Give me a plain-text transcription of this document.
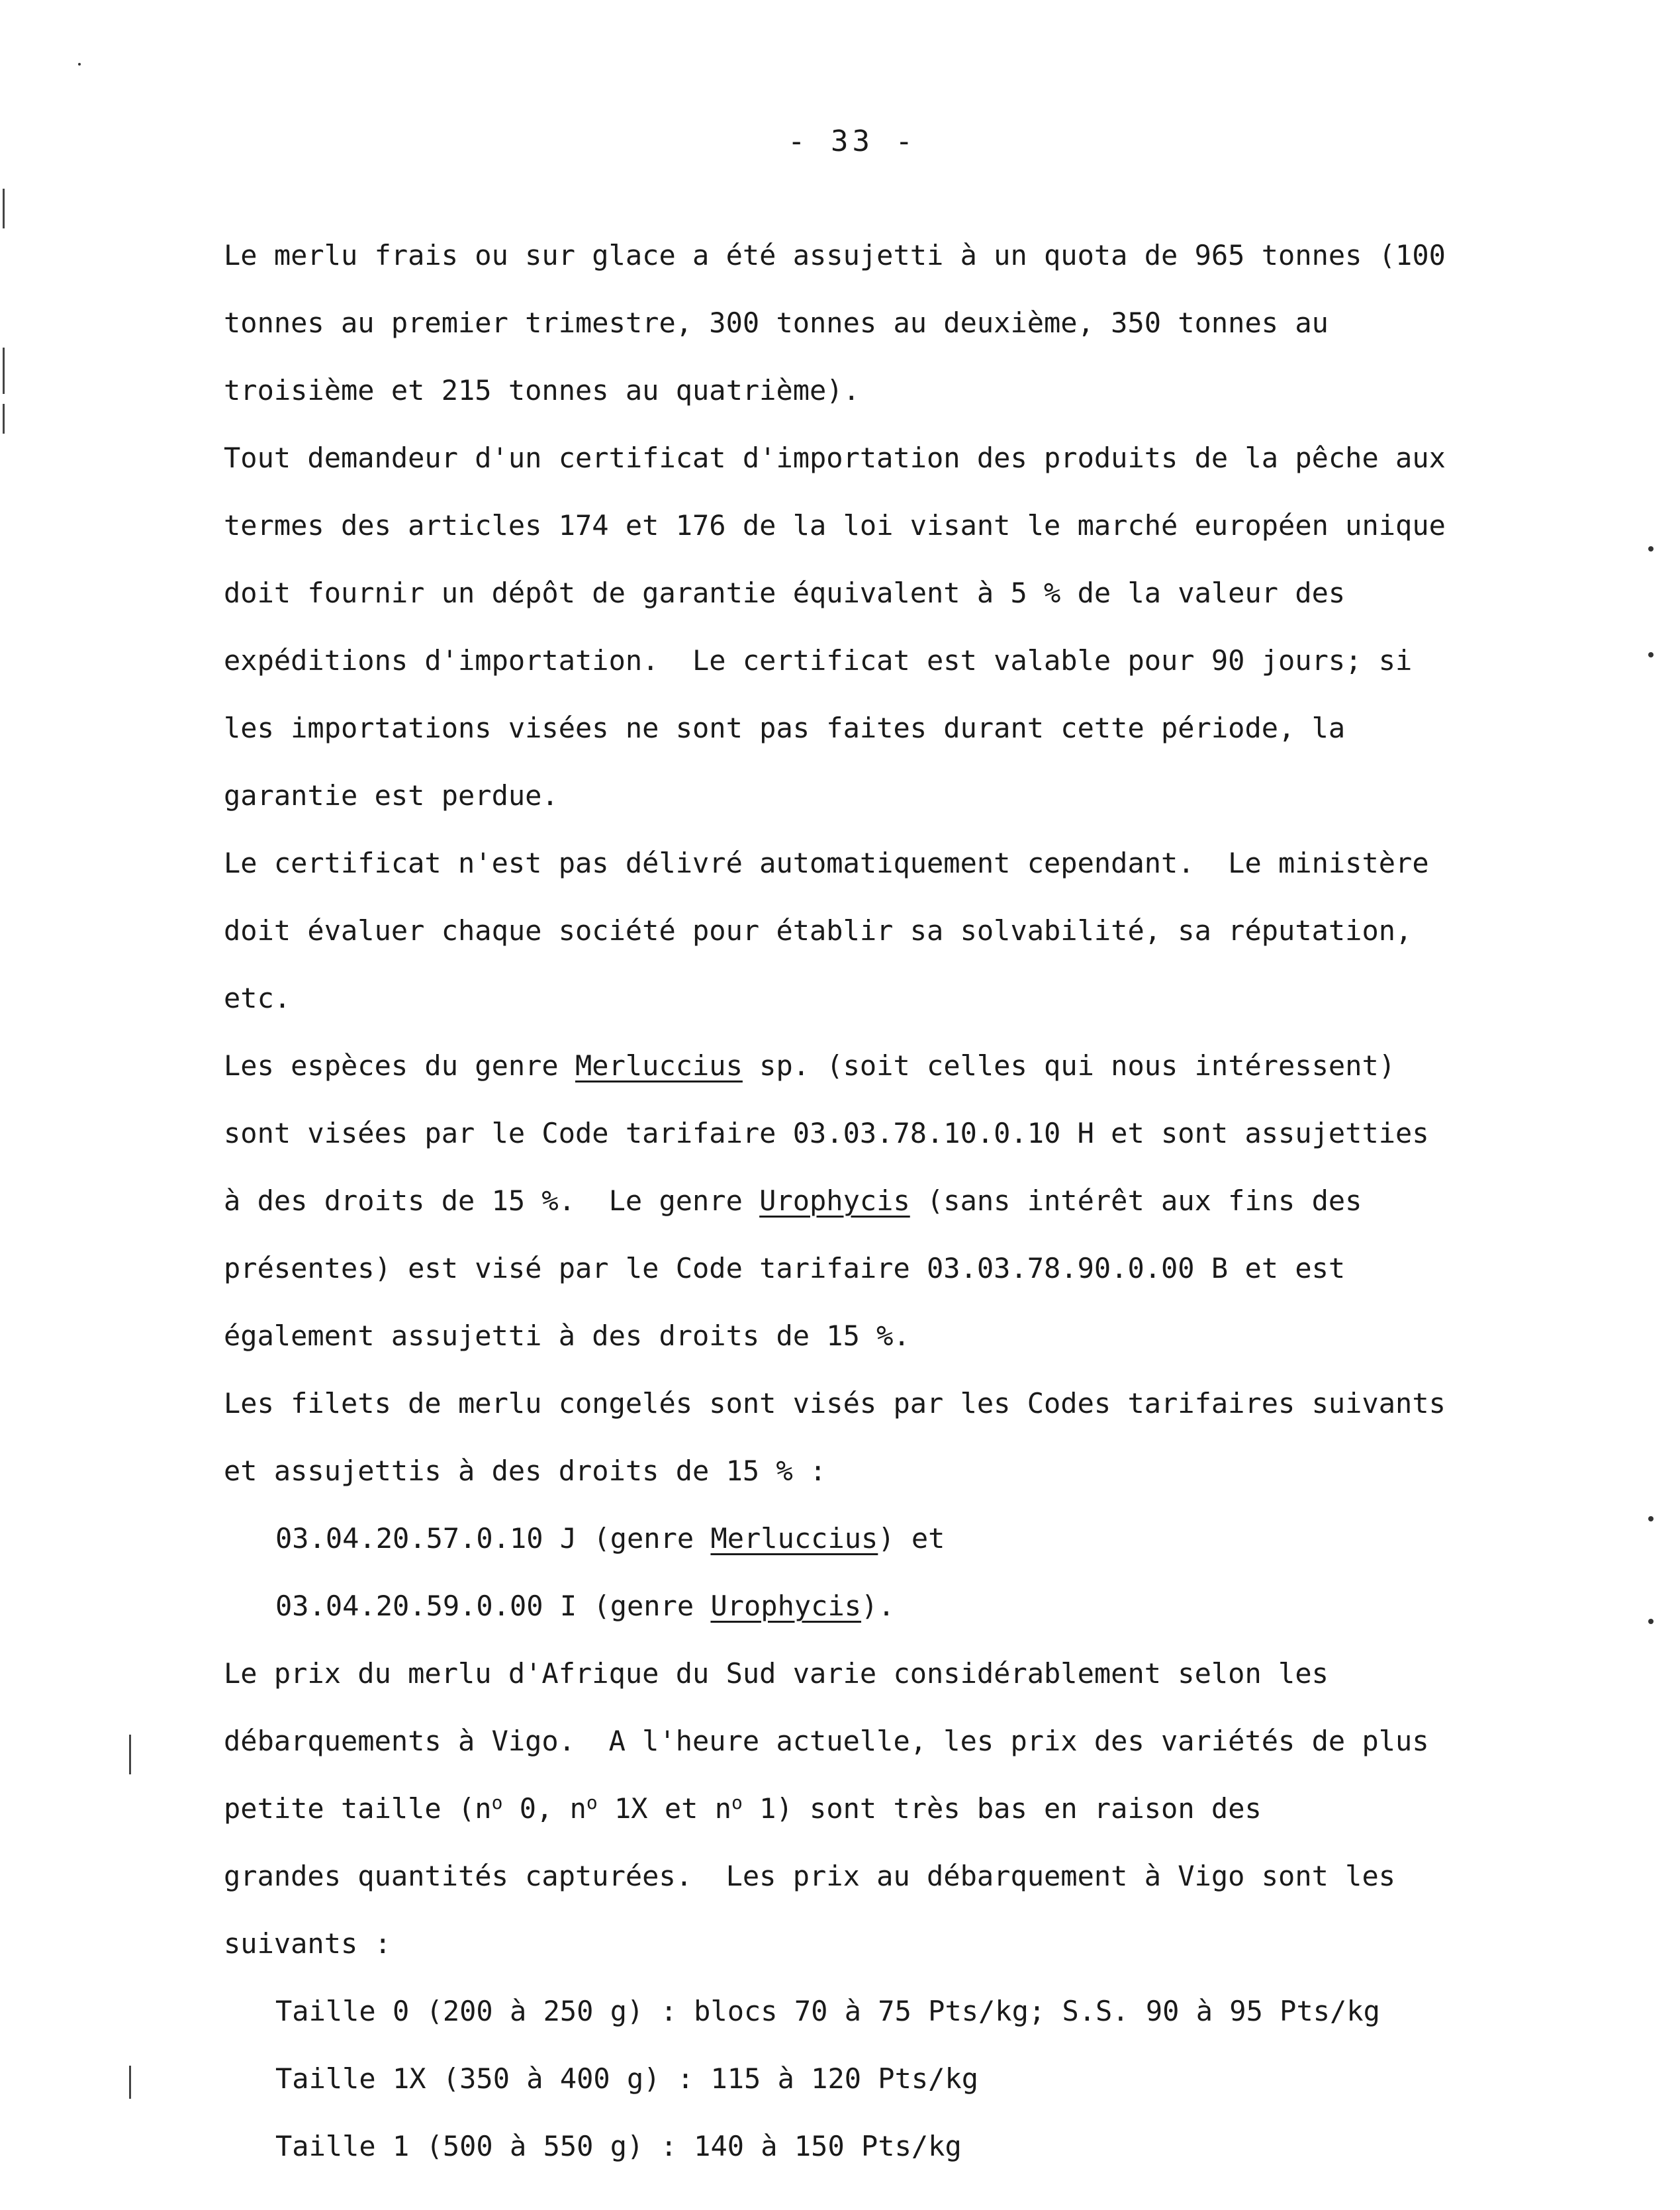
- 33 -
Le merlu frais ou sur glace a été assujetti à un quota de 965 tonnes (100
tonnes au premier trimestre, 300 tonnes au deuxième, 350 tonnes au
troisième et 215 tonnes au quatrième).
Tout demandeur d'un certificat d'importation des produits de la pêche aux
termes des articles 174 et 176 de la loi visant le marché européen unique
doit fournir un dépôt de garantie équivalent à 5 % de la valeur des
expéditions d'importation.  Le certificat est valable pour 90 jours; si
les importations visées ne sont pas faites durant cette période, la
garantie est perdue.
Le certificat n'est pas délivré automatiquement cependant.  Le ministère
doit évaluer chaque société pour établir sa solvabilité, sa réputation,
etc.
Les espèces du genre Merluccius sp. (soit celles qui nous intéressent)
sont visées par le Code tarifaire 03.03.78.10.0.10 H et sont assujetties
à des droits de 15 %.  Le genre Urophycis (sans intérêt aux fins des
présentes) est visé par le Code tarifaire 03.03.78.90.0.00 B et est
également assujetti à des droits de 15 %.
Les filets de merlu congelés sont visés par les Codes tarifaires suivants
et assujettis à des droits de 15 % :
03.04.20.57.0.10 J (genre Merluccius) et
03.04.20.59.0.00 I (genre Urophycis).
Le prix du merlu d'Afrique du Sud varie considérablement selon les
débarquements à Vigo.  A l'heure actuelle, les prix des variétés de plus
petite taille ($n^o$ 0, $n^o$ 1X et $n^o$ 1) sont très bas en raison des
grandes quantités capturées.  Les prix au débarquement à Vigo sont les
suivants :
Taille 0 (200 à 250 g) : blocs 70 à 75 Pts/kg; S.S. 90 à 95 Pts/kg
Taille 1X (350 à 400 g) : 115 à 120 Pts/kg
Taille 1 (500 à 550 g) : 140 à 150 Pts/kg
